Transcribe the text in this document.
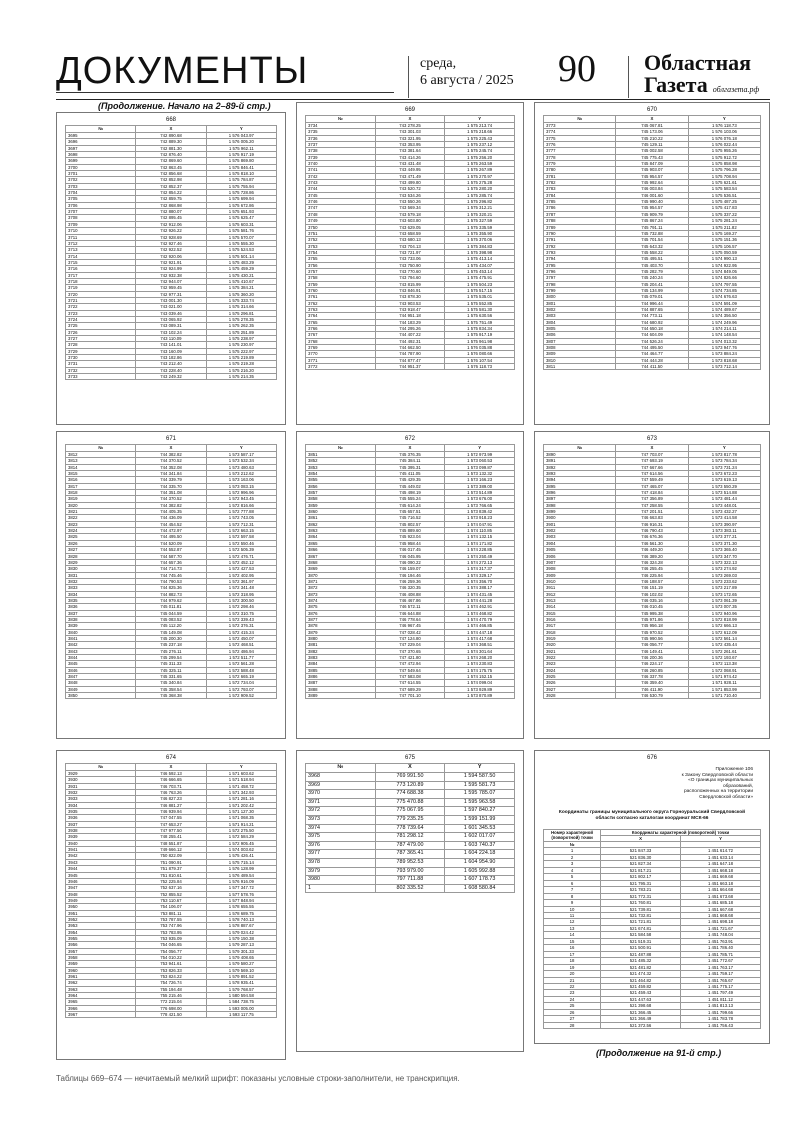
ДОКУМЕНТЫ	среда,
6 августа / 2025	90	Областная
Газета облгазета.рф
(Продолжение. Начало на 2–89-й стр.)
668
№	X	Y
3695	742 890.68	1 576 043.97
3696	742 889.30	1 576 005.20
3697	742 881.30	1 575 962.11
3698	742 876.40	1 575 917.19
3699	742 869.60	1 575 869.80
3700	742 863.45	1 575 846.41
3701	742 856.68	1 575 818.10
3702	742 852.98	1 575 784.87
3703	742 852.37	1 575 755.94
3704	742 854.22	1 575 728.86
3705	742 859.75	1 575 699.94
3706	742 868.98	1 575 672.86
3707	742 880.07	1 575 651.93
3708	742 895.45	1 575 625.47
3709	742 912.06	1 575 603.31
3710	742 926.22	1 575 581.76
3711	742 928.69	1 575 570.07
3712	742 927.46	1 575 555.30
3713	742 922.52	1 575 524.53
3714	742 920.06	1 575 501.14
3715	742 921.91	1 575 483.29
3716	742 924.99	1 575 459.29
3717	742 932.38	1 575 430.21
3718	742 944.07	1 575 410.67
3719	742 959.45	1 575 384.21
3720	742 977.31	1 575 360.20
3721	743 001.30	1 575 333.74
3722	743 021.00	1 575 314.66
3723	743 039.46	1 575 296.81
3724	743 065.92	1 575 278.35
3725	743 089.31	1 575 262.35
3726	743 102.24	1 575 251.89
3727	743 110.09	1 575 238.97
3728	743 141.01	1 575 230.97
3729	743 160.09	1 575 222.97
3730	743 182.86	1 575 219.89
3731	743 212.40	1 575 219.28
3732	743 228.40	1 575 216.20
3733	743 249.32	1 575 214.35
669
№	X	Y
3734	743 278.25	1 575 213.74
3735	743 301.03	1 575 218.66
3736	743 321.95	1 575 225.43
3737	743 353.95	1 575 237.12
3738	743 381.64	1 575 245.74
3739	743 414.26	1 575 256.20
3740	743 431.48	1 575 263.59
3741	743 449.95	1 575 267.89
3742	743 471.49	1 575 270.97
3743	743 499.80	1 575 275.28
3744	743 520.72	1 575 280.20
3745	743 534.26	1 575 285.74
3746	743 550.26	1 575 296.82
3747	743 569.34	1 575 312.21
3748	743 579.18	1 575 320.21
3749	743 603.80	1 575 327.59
3750	743 629.05	1 575 335.59
3751	743 658.59	1 575 355.90
3752	743 680.13	1 575 370.06
3753	743 704.13	1 575 384.83
3754	743 721.97	1 575 398.98
3755	743 733.06	1 575 413.14
3756	743 750.90	1 575 434.07
3757	743 770.60	1 575 453.14
3758	743 794.60	1 575 475.91
3759	743 815.99	1 575 504.23
3760	743 846.91	1 575 517.15
3761	743 878.30	1 575 535.01
3762	743 903.53	1 575 552.85
3763	743 918.47	1 575 581.30
3764	744 951.18	1 575 630.56
3765	744 183.29	1 575 751.49
3766	744 295.26	1 575 834.34
3767	744 407.22	1 575 917.19
3768	744 492.31	1 575 961.98
3769	744 662.50	1 576 035.88
3770	744 787.90	1 576 080.66
3771	744 877.47	1 576 107.54
3772	744 951.37	1 576 118.73
670
№	X	Y
3773	745 067.81	1 576 118.73
3774	745 173.06	1 576 103.06
3775	745 210.22	1 576 076.18
3776	745 129.11	1 576 022.44
3777	745 002.58	1 575 955.26
3778	745 775.43	1 575 912.72
3779	745 847.09	1 575 858.98
3780	745 903.07	1 575 796.28
3781	745 954.57	1 575 708.94
3782	745 992.64	1 575 621.61
3783	746 003.84	1 575 583.54
3784	746 001.60	1 575 536.51
3785	745 990.40	1 575 487.25
3786	745 954.57	1 575 417.83
3787	745 909.79	1 575 337.22
3788	745 867.24	1 575 281.24
3789	745 791.11	1 575 211.82
3790	745 732.88	1 575 169.27
3791	745 701.54	1 575 151.36
3792	745 643.32	1 575 106.57
3793	745 558.22	1 575 050.59
3794	745 495.51	1 574 990.13
3795	745 403.70	1 574 922.95
3796	745 282.79	1 574 849.05
3797	745 240.24	1 574 826.66
3798	745 204.41	1 574 797.55
3799	745 134.99	1 574 734.85
3800	745 079.01	1 574 676.63
3801	744 996.44	1 574 591.09
3802	744 887.65	1 574 489.67
3803	744 773.11	1 574 356.50
3804	744 680.92	1 574 249.96
3805	744 650.18	1 574 214.11
3806	744 604.09	1 574 148.54
3807	744 526.24	1 574 013.32
3808	744 495.50	1 573 947.76
3809	744 464.77	1 573 884.24
3810	744 444.28	1 573 818.68
3811	744 411.50	1 573 712.14
671
№	X	Y
3812	744 382.82	1 573 587.17
3813	744 370.52	1 573 532.34
3814	744 352.08	1 573 480.63
3815	744 341.84	1 573 212.62
3816	744 339.79	1 573 163.06
3817	744 335.70	1 573 083.15
3818	744 351.08	1 572 996.96
3819	744 370.52	1 572 943.45
3820	744 382.82	1 572 816.66
3821	744 405.35	1 572 777.88
3822	744 436.09	1 572 743.05
3823	744 454.52	1 572 712.31
3824	744 472.97	1 572 663.15
3825	744 495.50	1 572 597.58
3826	744 520.09	1 572 550.46
3827	744 552.87	1 572 505.39
3828	744 587.70	1 572 476.71
3829	744 657.36	1 572 452.12
3830	744 714.73	1 572 427.53
3831	744 745.46	1 572 402.95
3832	744 790.53	1 572 361.97
3833	744 825.36	1 572 341.48
3834	744 882.73	1 572 318.95
3835	744 979.62	1 572 300.50
3836	745 011.81	1 572 298.46
3837	745 044.59	1 572 310.75
3838	745 083.52	1 572 339.43
3839	745 112.20	1 572 376.31
3840	745 149.08	1 572 415.24
3841	745 200.30	1 572 450.07
3842	745 237.18	1 572 468.51
3843	745 276.11	1 572 486.94
3844	745 299.54	1 572 511.77
3845	745 311.33	1 572 561.28
3846	745 325.11	1 572 588.48
3847	745 331.65	1 572 665.19
3848	745 340.84	1 572 734.04
3849	745 358.54	1 572 793.07
3850	745 368.38	1 572 909.52
672
№	X	Y
3851	745 376.35	1 572 973.99
3852	745 384.11	1 573 060.53
3853	745 395.31	1 573 099.87
3854	745 411.05	1 573 132.32
3855	745 429.35	1 573 166.23
3856	745 449.02	1 573 389.00
3857	745 498.19	1 573 514.89
3858	745 555.24	1 573 676.00
3859	745 614.24	1 573 766.65
3860	745 657.51	1 573 839.42
3861	745 716.52	1 573 918.23
3862	745 802.57	1 574 047.91
3863	745 889.60	1 574 110.85
3864	745 923.04	1 574 132.15
3865	745 958.44	1 574 171.82
3866	746 017.45	1 574 228.85
3867	746 045.95	1 574 250.49
3868	746 090.22	1 574 272.13
3869	746 159.07	1 574 317.37
3870	746 194.46	1 574 329.17
3871	746 259.36	1 574 356.70
3872	746 320.35	1 574 388.17
3873	746 408.88	1 574 431.45
3874	746 467.86	1 574 441.28
3875	746 572.11	1 574 462.91
3876	746 644.88	1 574 468.82
3877	746 778.64	1 574 470.79
3878	746 967.45	1 574 466.85
3879	747 028.42	1 574 447.18
3880	747 124.80	1 574 417.68
3881	747 229.04	1 574 368.51
3882	747 370.65	1 574 301.64
3883	747 421.80	1 574 268.20
3884	747 472.94	1 574 230.83
3885	747 549.64	1 574 175.75
3886	747 583.08	1 574 152.15
3887	747 614.55	1 574 099.04
3888	747 689.29	1 573 929.89
3889	747 701.10	1 573 870.89
673
№	X	Y
3890	747 703.07	1 573 817.78
3891	747 693.19	1 573 784.34
3892	747 667.66	1 573 731.24
3893	747 614.56	1 573 672.23
3894	747 559.49	1 573 619.13
3895	747 465.07	1 573 550.29
3896	747 418.84	1 573 514.88
3897	747 356.89	1 573 481.44
3898	747 258.55	1 573 448.01
3899	747 201.51	1 573 432.27
3900	746 663.83	1 573 414.58
3901	746 916.31	1 573 390.97
3902	746 790.43	1 573 383.11
3903	746 676.36	1 573 377.21
3904	746 561.30	1 573 371.30
3905	746 449.20	1 573 365.40
3906	746 389.20	1 573 347.70
3907	746 324.28	1 573 322.13
3908	746 255.45	1 573 274.92
3909	746 225.94	1 573 269.03
3910	746 188.57	1 573 233.62
3911	746 151.19	1 573 217.89
3912	746 102.02	1 573 172.65
3913	746 035.16	1 573 061.39
3914	746 010.45	1 573 007.35
3915	745 995.38	1 572 940.96
3916	745 971.86	1 572 818.99
3917	745 956.18	1 572 666.13
3918	745 970.52	1 572 612.09
3919	745 990.56	1 572 561.14
3920	746 056.77	1 572 435.44
3921	746 149.41	1 572 261.61
3922	746 200.36	1 572 193.67
3923	746 224.17	1 572 113.38
3924	746 260.85	1 572 068.91
3925	746 337.78	1 571 974.42
3926	746 359.40	1 571 928.11
3927	746 411.90	1 571 853.99
3928	746 530.79	1 571 710.40
674
№	X	Y
3929	746 592.13	1 571 603.62
3930	746 666.65	1 571 518.94
3931	746 703.71	1 571 458.72
3932	746 763.26	1 571 342.93
3933	746 827.23	1 571 281.16
3934	746 881.27	1 571 202.42
3935	746 939.94	1 571 127.30
3936	747 047.55	1 571 068.35
3937	747 653.27	1 571 914.21
3938	747 977.50	1 572 275.50
3939	748 255.41	1 572 584.29
3940	748 551.87	1 572 905.45
3941	749 666.12	1 574 003.62
3942	750 822.09	1 575 426.41
3943	751 090.91	1 575 715.14
3944	751 879.37	1 576 128.99
3945	751 810.61	1 576 489.54
3946	752 225.84	1 576 916.09
3947	752 637.16	1 577 347.72
3948	752 855.52	1 577 578.76
3949	753 110.67	1 577 848.94
3950	754 106.07	1 578 655.55
3951	753 881.11	1 578 689.75
3952	753 787.55	1 578 740.13
3953	753 747.96	1 578 887.67
3954	753 783.95	1 579 024.42
3955	753 935.09	1 579 150.38
3956	754 046.65	1 579 287.13
3957	754 056.77	1 579 301.33
3958	754 010.22	1 579 408.65
3959	753 941.61	1 579 580.27
3960	753 826.33	1 579 569.10
3961	753 824.22	1 579 891.52
3962	754 726.74	1 578 935.41
3963	755 194.48	1 579 768.57
3964	755 215.46	1 580 594.58
3965	772 215.04	1 584 738.75
3966	776 698.00	1 593 005.00
3967	778 421.50	1 593 117.75
675
№	X	Y
3968	769 991.50	1 594 587.50
3969	773 120.89	1 595 581.73
3970	774 688.38	1 595 785.07
3971	775 470.88	1 595 963.58
3972	775 067.95	1 597 840.27
3973	779 235.25	1 599 151.99
3974	778 739.64	1 601 345.53
3975	781 298.12	1 602 017.07
3976	787 479.00	1 603 740.37
3977	787 365.41	1 604 224.18
3978	789 952.53	1 604 954.90
3979	793 979.00	1 605 992.88
3980	797 711.88	1 607 178.73
1	802 335.52	1 608 580.84
676
Приложение 106
к Закону Свердловской области
«О границах муниципальных образований,
расположенных на территории
Свердловской области»
Координаты границы муниципального округа Горноуральский Свердловской области согласно каталогам координат МСК-66
Номер характерной (поворотной) точки	Координаты характерной (поворотной) точки	
	X	Y
№		
1	521 847.33	1 451 614.72
2	521 836.30	1 451 633.14
3	521 827.34	1 451 647.18
4	521 817.21	1 451 668.18
5	521 802.17	1 451 669.68
6	521 795.31	1 451 663.18
7	521 783.21	1 451 664.68
8	521 772.31	1 451 673.68
9	521 760.81	1 451 685.18
10	521 739.81	1 451 667.68
11	521 732.81	1 451 668.68
12	521 721.81	1 451 698.18
13	521 674.81	1 451 721.67
14	521 584.58	1 451 748.04
15	521 519.31	1 451 763.91
16	521 500.91	1 451 786.40
17	521 487.88	1 451 785.71
18	521 485.32	1 451 772.67
19	521 481.82	1 451 763.17
20	521 474.32	1 451 759.17
21	521 464.82	1 451 765.67
22	521 459.82	1 451 775.17
23	521 459.43	1 451 797.49
24	521 447.63	1 451 811.12
25	521 398.68	1 451 813.13
26	521 366.45	1 451 799.66
27	521 366.49	1 451 783.78
28	521 372.56	1 451 756.43
(Продолжение на 91-й стр.)
Таблицы 669–674 — нечитаемый мелкий шрифт: показаны условные строки-заполнители, не транскрипция.
